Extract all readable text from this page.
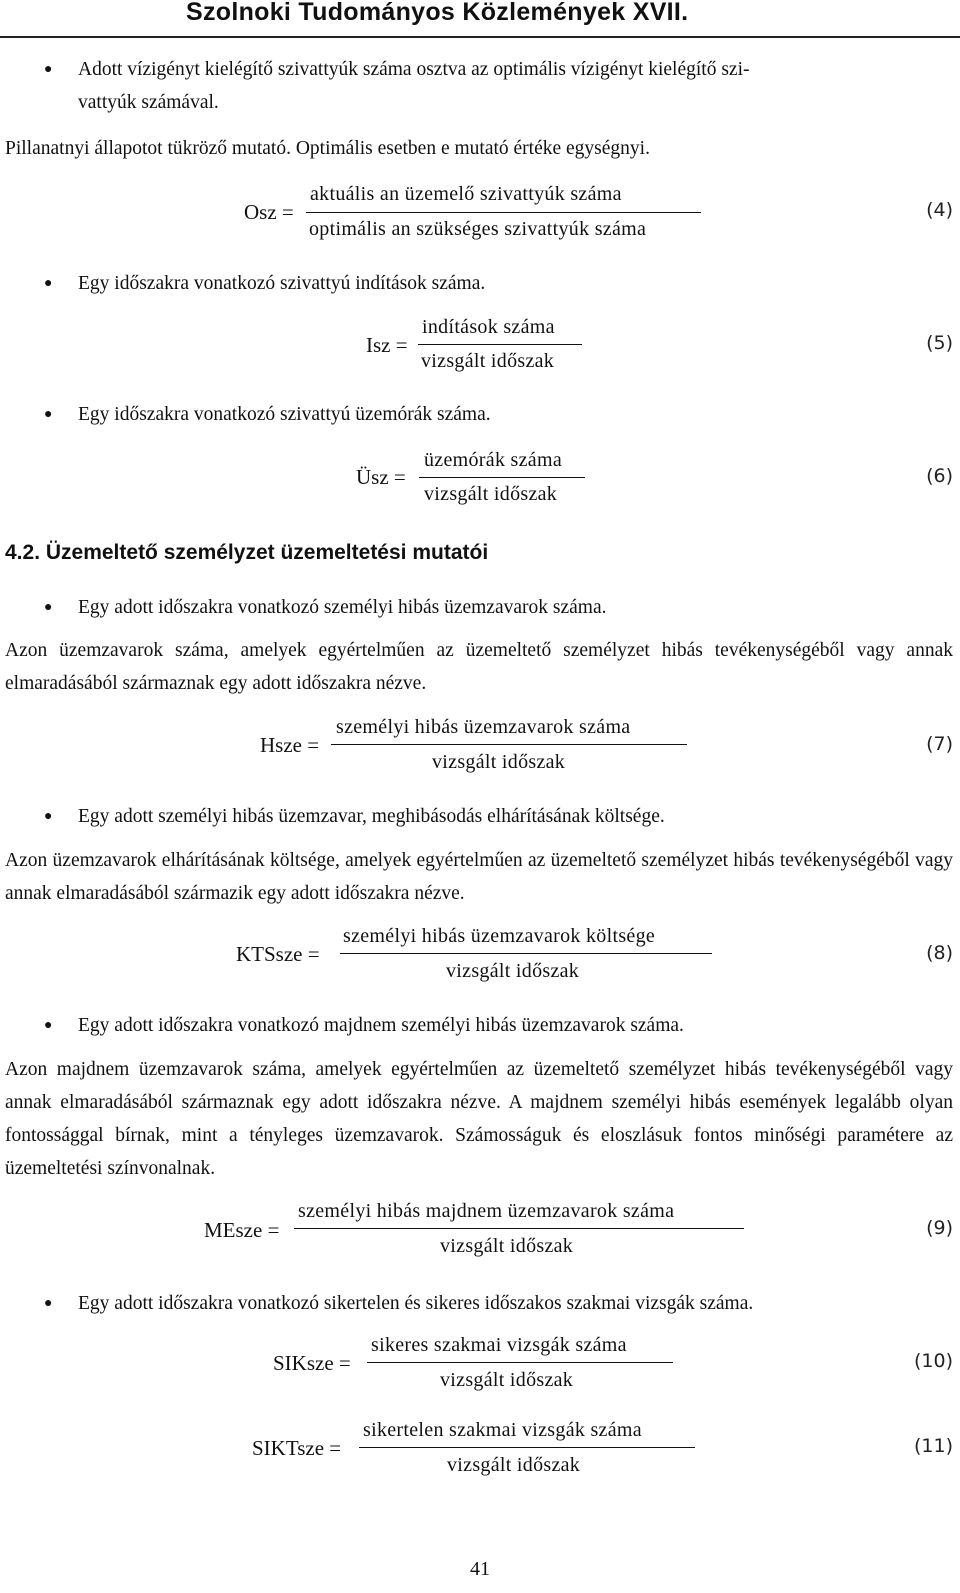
Szolnoki Tudományos Közlemények XVII.
● Adott vízigényt kielégítő szivattyúk száma osztva az optimális vízigényt kielégítő szi-
vattyúk számával.
Pillanatnyi állapotot tükröző mutató. Optimális esetben e mutató értéke egységnyi.
Osz =
aktuális an üzemelő szivattyúk száma
optimális an szükséges szivattyúk száma
(4)
● Egy időszakra vonatkozó szivattyú indítások száma.
Isz =
indítások száma
vizsgált időszak
(5)
● Egy időszakra vonatkozó szivattyú üzemórák száma.
Üsz =
üzemórák száma
vizsgált időszak
(6)
4.2. Üzemeltető személyzet üzemeltetési mutatói
● Egy adott időszakra vonatkozó személyi hibás üzemzavarok száma.
Azon üzemzavarok száma, amelyek egyértelműen az üzemeltető személyzet hibás tevékenységéből vagy annak elmaradásából származnak egy adott időszakra nézve.
Hsze =
személyi hibás üzemzavarok száma
vizsgált időszak
(7)
● Egy adott személyi hibás üzemzavar, meghibásodás elhárításának költsége.
Azon üzemzavarok elhárításának költsége, amelyek egyértelműen az üzemeltető személyzet hibás tevékenységéből vagy annak elmaradásából származik egy adott időszakra nézve.
KTSsze =
személyi hibás üzemzavarok költsége
vizsgált időszak
(8)
● Egy adott időszakra vonatkozó majdnem személyi hibás üzemzavarok száma.
Azon majdnem üzemzavarok száma, amelyek egyértelműen az üzemeltető személyzet hibás tevékenységéből vagy annak elmaradásából származnak egy adott időszakra nézve. A majdnem személyi hibás események legalább olyan fontossággal bírnak, mint a tényleges üzemzavarok. Számosságuk és eloszlásuk fontos minőségi paramétere az üzemeltetési színvonalnak.
MEsze =
személyi hibás majdnem üzemzavarok száma
vizsgált időszak
(9)
● Egy adott időszakra vonatkozó sikertelen és sikeres időszakos szakmai vizsgák száma.
SIKsze =
sikeres szakmai vizsgák száma
vizsgált időszak
(10)
SIKTsze =
sikertelen szakmai vizsgák száma
vizsgált időszak
(11)
41
